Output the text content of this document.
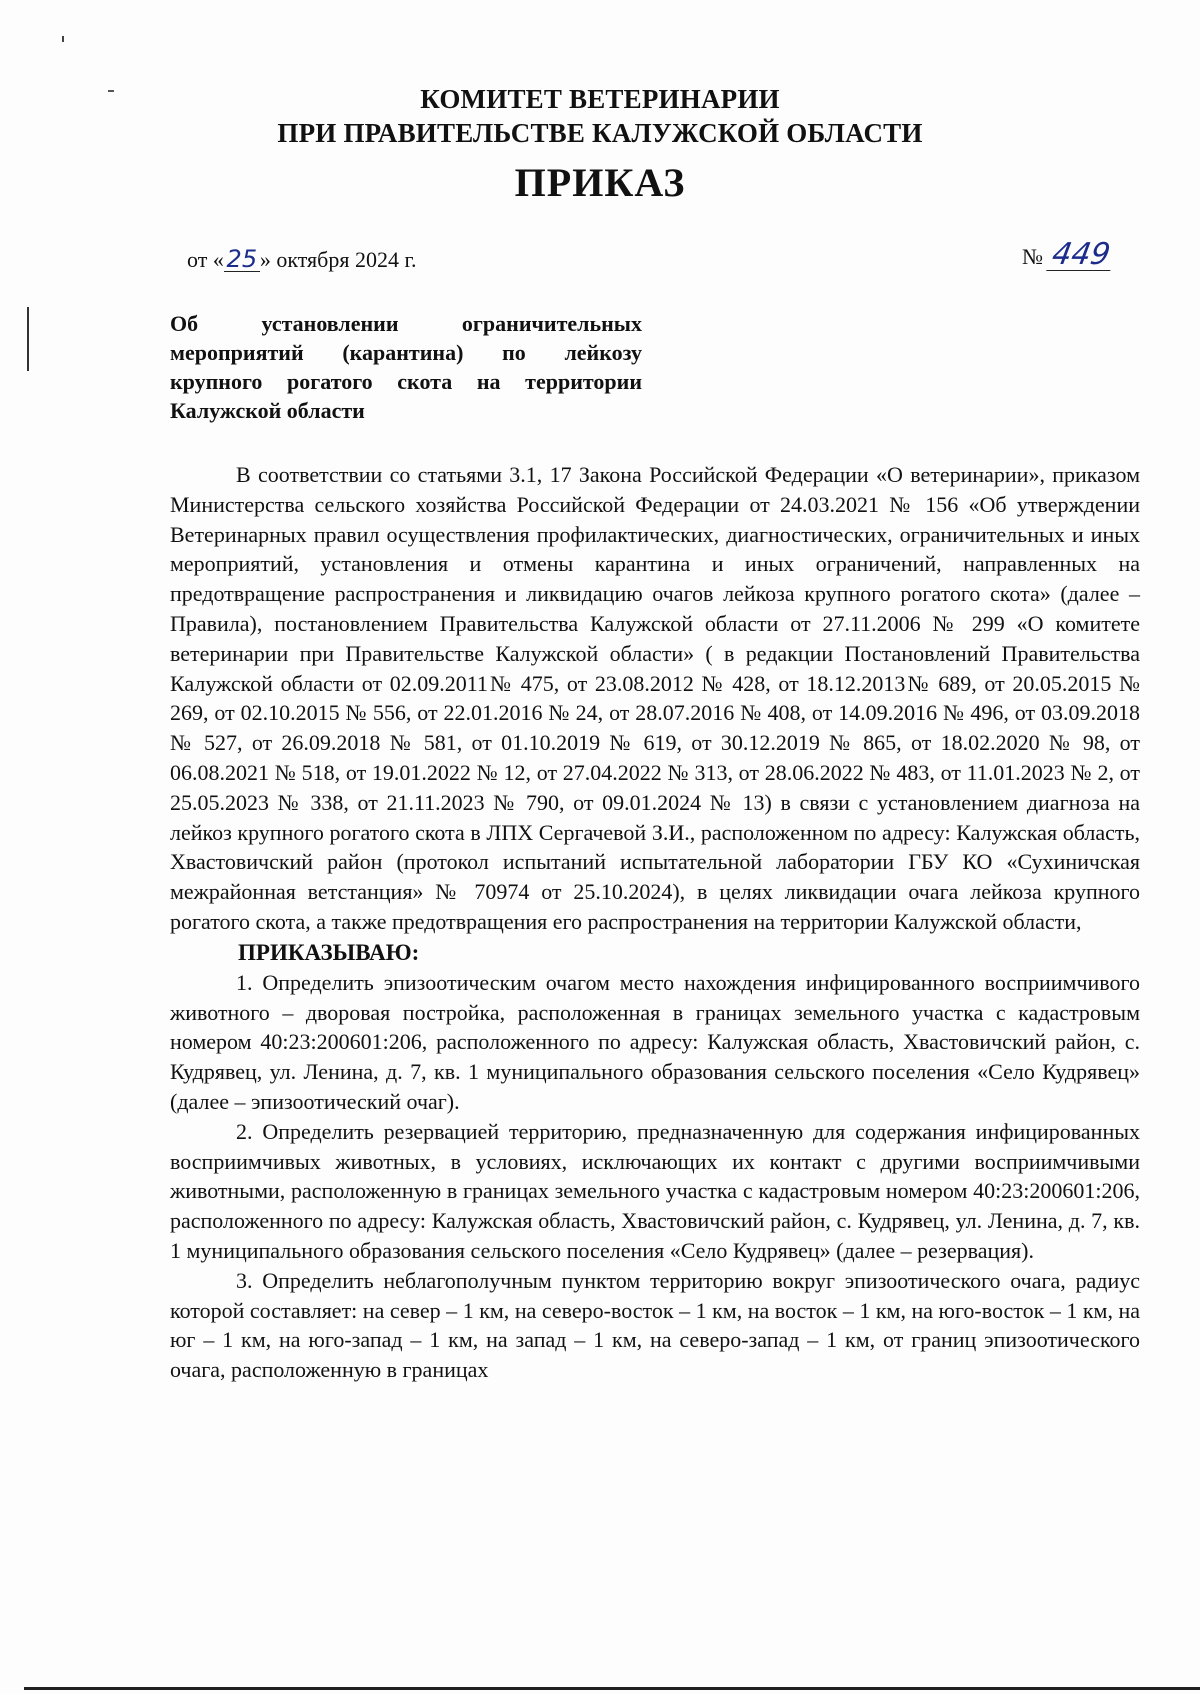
КОМИТЕТ ВЕТЕРИНАРИИ
ПРИ ПРАВИТЕЛЬСТВЕ КАЛУЖСКОЙ ОБЛАСТИ
ПРИКАЗ
от « 25 » октября 2024 г.	№ 449
Об установлении ограничительных
мероприятий (карантина) по лейкозу
крупного рогатого скота на территории
Калужской области

В соответствии со статьями 3.1, 17 Закона Российской Федерации «О ветеринарии», приказом Министерства сельского хозяйства Российской Федерации от 24.03.2021 № 156 «Об утверждении Ветеринарных правил осуществления профилактических, диагностических, ограничительных и иных мероприятий, установления и отмены карантина и иных ограничений, направленных на предотвращение распространения и ликвидацию очагов лейкоза крупного рогатого скота» (далее – Правила), постановлением Правительства Калужской области от 27.11.2006 № 299 «О комитете ветеринарии при Правительстве Калужской области» ( в редакции Постановлений Правительства Калужской области от 02.09.2011№ 475, от 23.08.2012 № 428, от 18.12.2013№ 689, от 20.05.2015 № 269, от 02.10.2015 № 556, от 22.01.2016 № 24, от 28.07.2016 № 408, от 14.09.2016 № 496, от 03.09.2018 № 527, от 26.09.2018 № 581, от 01.10.2019 № 619, от 30.12.2019 № 865, от 18.02.2020 № 98, от 06.08.2021 № 518, от 19.01.2022 № 12, от 27.04.2022 № 313, от 28.06.2022 № 483, от 11.01.2023 № 2, от 25.05.2023 № 338, от 21.11.2023 № 790, от 09.01.2024 № 13) в связи с установлением диагноза на лейкоз крупного рогатого скота в ЛПХ Сергачевой З.И., расположенном по адресу: Калужская область, Хвастовичский район (протокол испытаний испытательной лаборатории ГБУ КО «Сухиничская межрайонная ветстанция» № 70974 от 25.10.2024), в целях ликвидации очага лейкоза крупного рогатого скота, а также предотвращения его распространения на территории Калужской области,

ПРИКАЗЫВАЮ:

1. Определить эпизоотическим очагом место нахождения инфицированного восприимчивого животного – дворовая постройка, расположенная в границах земельного участка с кадастровым номером 40:23:200601:206, расположенного по адресу: Калужская область, Хвастовичский район, с. Кудрявец, ул. Ленина, д. 7, кв. 1 муниципального образования сельского поселения «Село Кудрявец» (далее – эпизоотический очаг).

2. Определить резервацией территорию, предназначенную для содержания инфицированных восприимчивых животных, в условиях, исключающих их контакт с другими восприимчивыми животными, расположенную в границах земельного участка с кадастровым номером 40:23:200601:206, расположенного по адресу: Калужская область, Хвастовичский район, с. Кудрявец, ул. Ленина, д. 7, кв. 1 муниципального образования сельского поселения «Село Кудрявец» (далее – резервация).

3. Определить неблагополучным пунктом территорию вокруг эпизоотического очага, радиус которой составляет: на север – 1 км, на северо-восток – 1 км, на восток – 1 км, на юго-восток – 1 км, на юг – 1 км, на юго-запад – 1 км, на запад – 1 км, на северо-запад – 1 км, от границ эпизоотического очага, расположенную в границах
